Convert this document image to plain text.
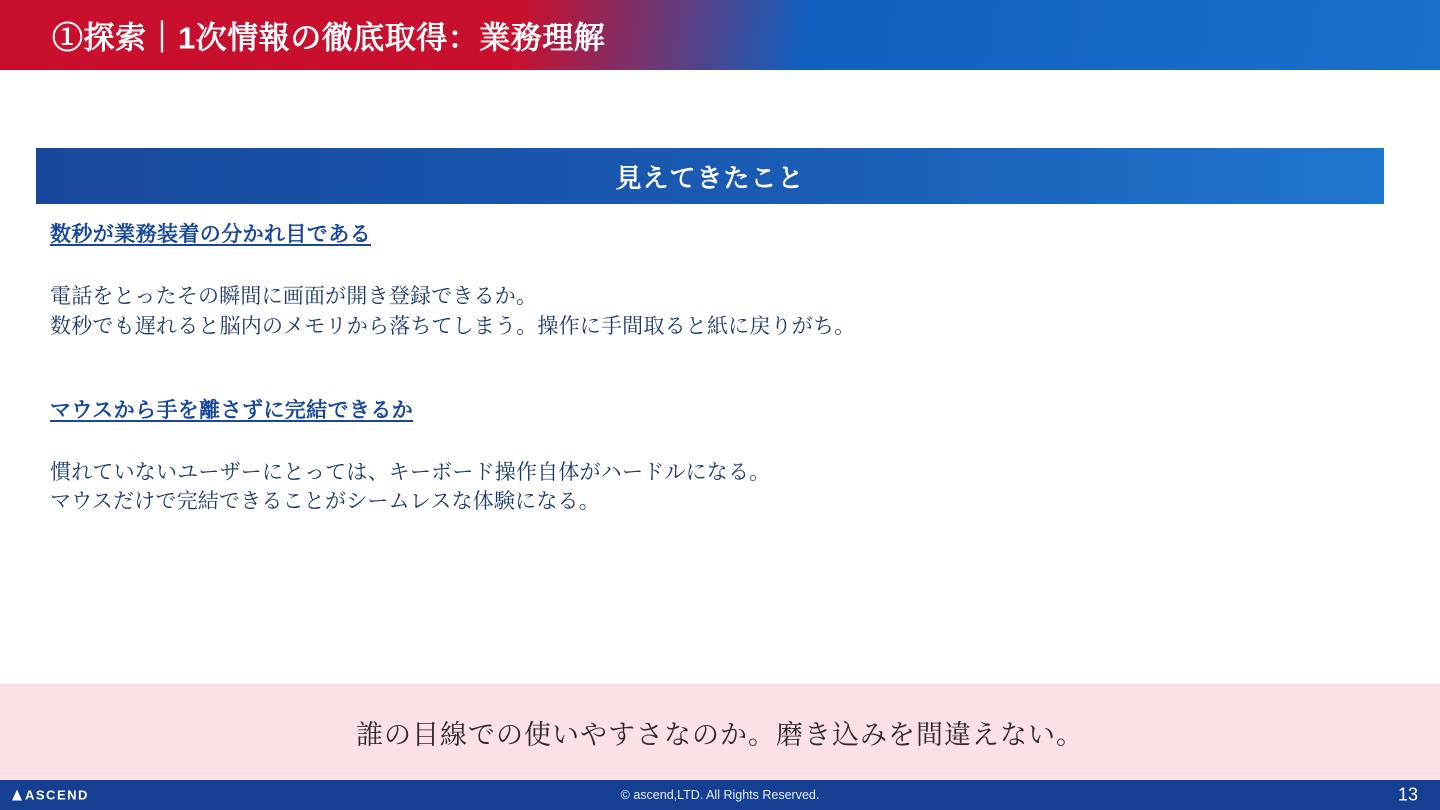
①探索｜1次情報の徹底取得：業務理解
見えてきたこと
数秒が業務装着の分かれ目である

電話をとったその瞬間に画面が開き登録できるか。

数秒でも遅れると脳内のメモリから落ちてしまう。操作に手間取ると紙に戻りがち。

マウスから手を離さずに完結できるか

慣れていないユーザーにとっては、キーボード操作自体がハードルになる。

マウスだけで完結できることがシームレスな体験になる。

誰の目線での使いやすさなのか。磨き込みを間違えない。
ASCEND	© ascend,LTD. All Rights Reserved.	13
